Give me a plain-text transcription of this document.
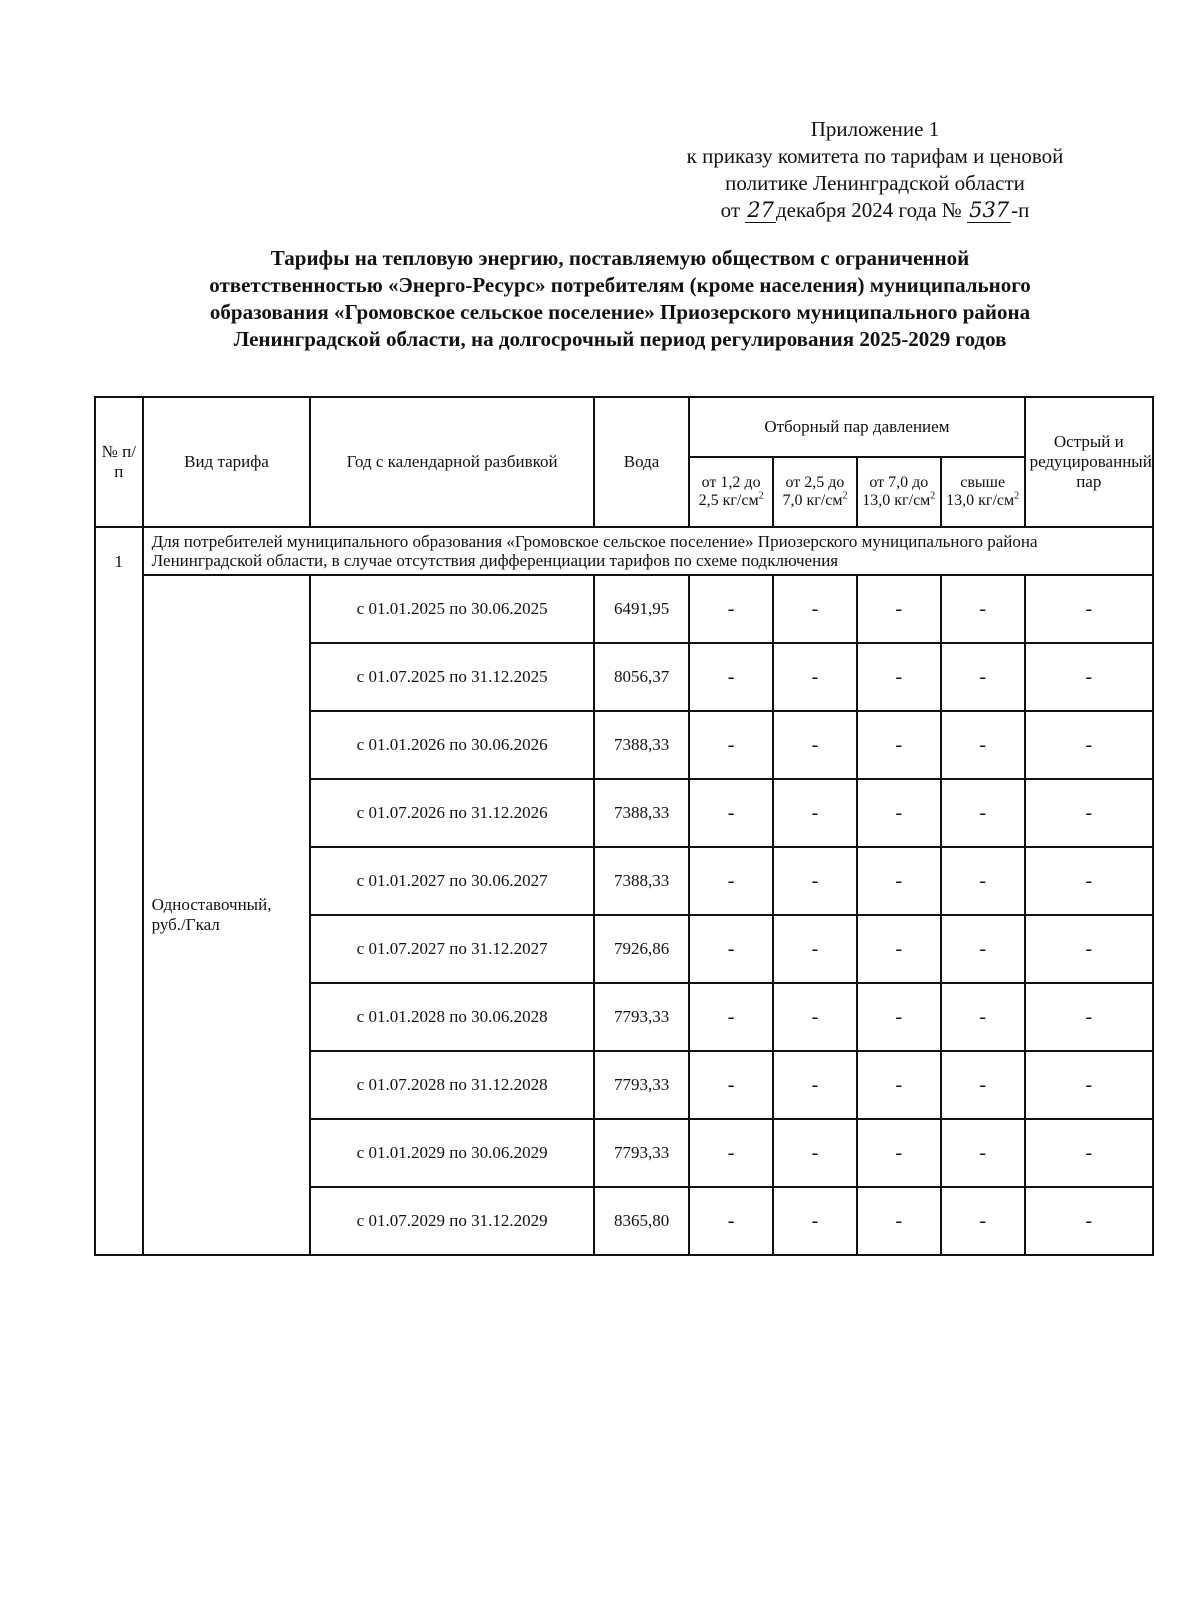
Приложение 1
к приказу комитета по тарифам и ценовой
политике Ленинградской области
от 27декабря 2024 года № 537-п
Тарифы на тепловую энергию, поставляемую обществом с ограниченной
ответственностью «Энерго-Ресурс» потребителям (кроме населения) муниципального
образования «Громовское сельское поселение» Приозерского муниципального района
Ленинградской области, на долгосрочный период регулирования 2025-2029 годов
№ п/п	Вид тарифа	Год с календарной разбивкой	Вода	Отборный пар давлением				Острый и редуцированный пар
				от 1,2 до 2,5 $кг/см^2$	от 2,5 до 7,0 $кг/см^2$	от 7,0 до 13,0 $кг/см^2$	свыше 13,0 $кг/см^2$
1	Для потребителей муниципального образования «Громовское сельское поселение» Приозерского муниципального района Ленинградской области, в случае отсутствия дифференциации тарифов по схеме подключения							
	Одноставочный, руб./Гкал	с 01.01.2025 по 30.06.2025	6491,95	-	-	-	-	-
		с 01.07.2025 по 31.12.2025	8056,37	-	-	-	-	-
		с 01.01.2026 по 30.06.2026	7388,33	-	-	-	-	-
		с 01.07.2026 по 31.12.2026	7388,33	-	-	-	-	-
		с 01.01.2027 по 30.06.2027	7388,33	-	-	-	-	-
		с 01.07.2027 по 31.12.2027	7926,86	-	-	-	-	-
		с 01.01.2028 по 30.06.2028	7793,33	-	-	-	-	-
		с 01.07.2028 по 31.12.2028	7793,33	-	-	-	-	-
		с 01.01.2029 по 30.06.2029	7793,33	-	-	-	-	-
		с 01.07.2029 по 31.12.2029	8365,80	-	-	-	-	-
